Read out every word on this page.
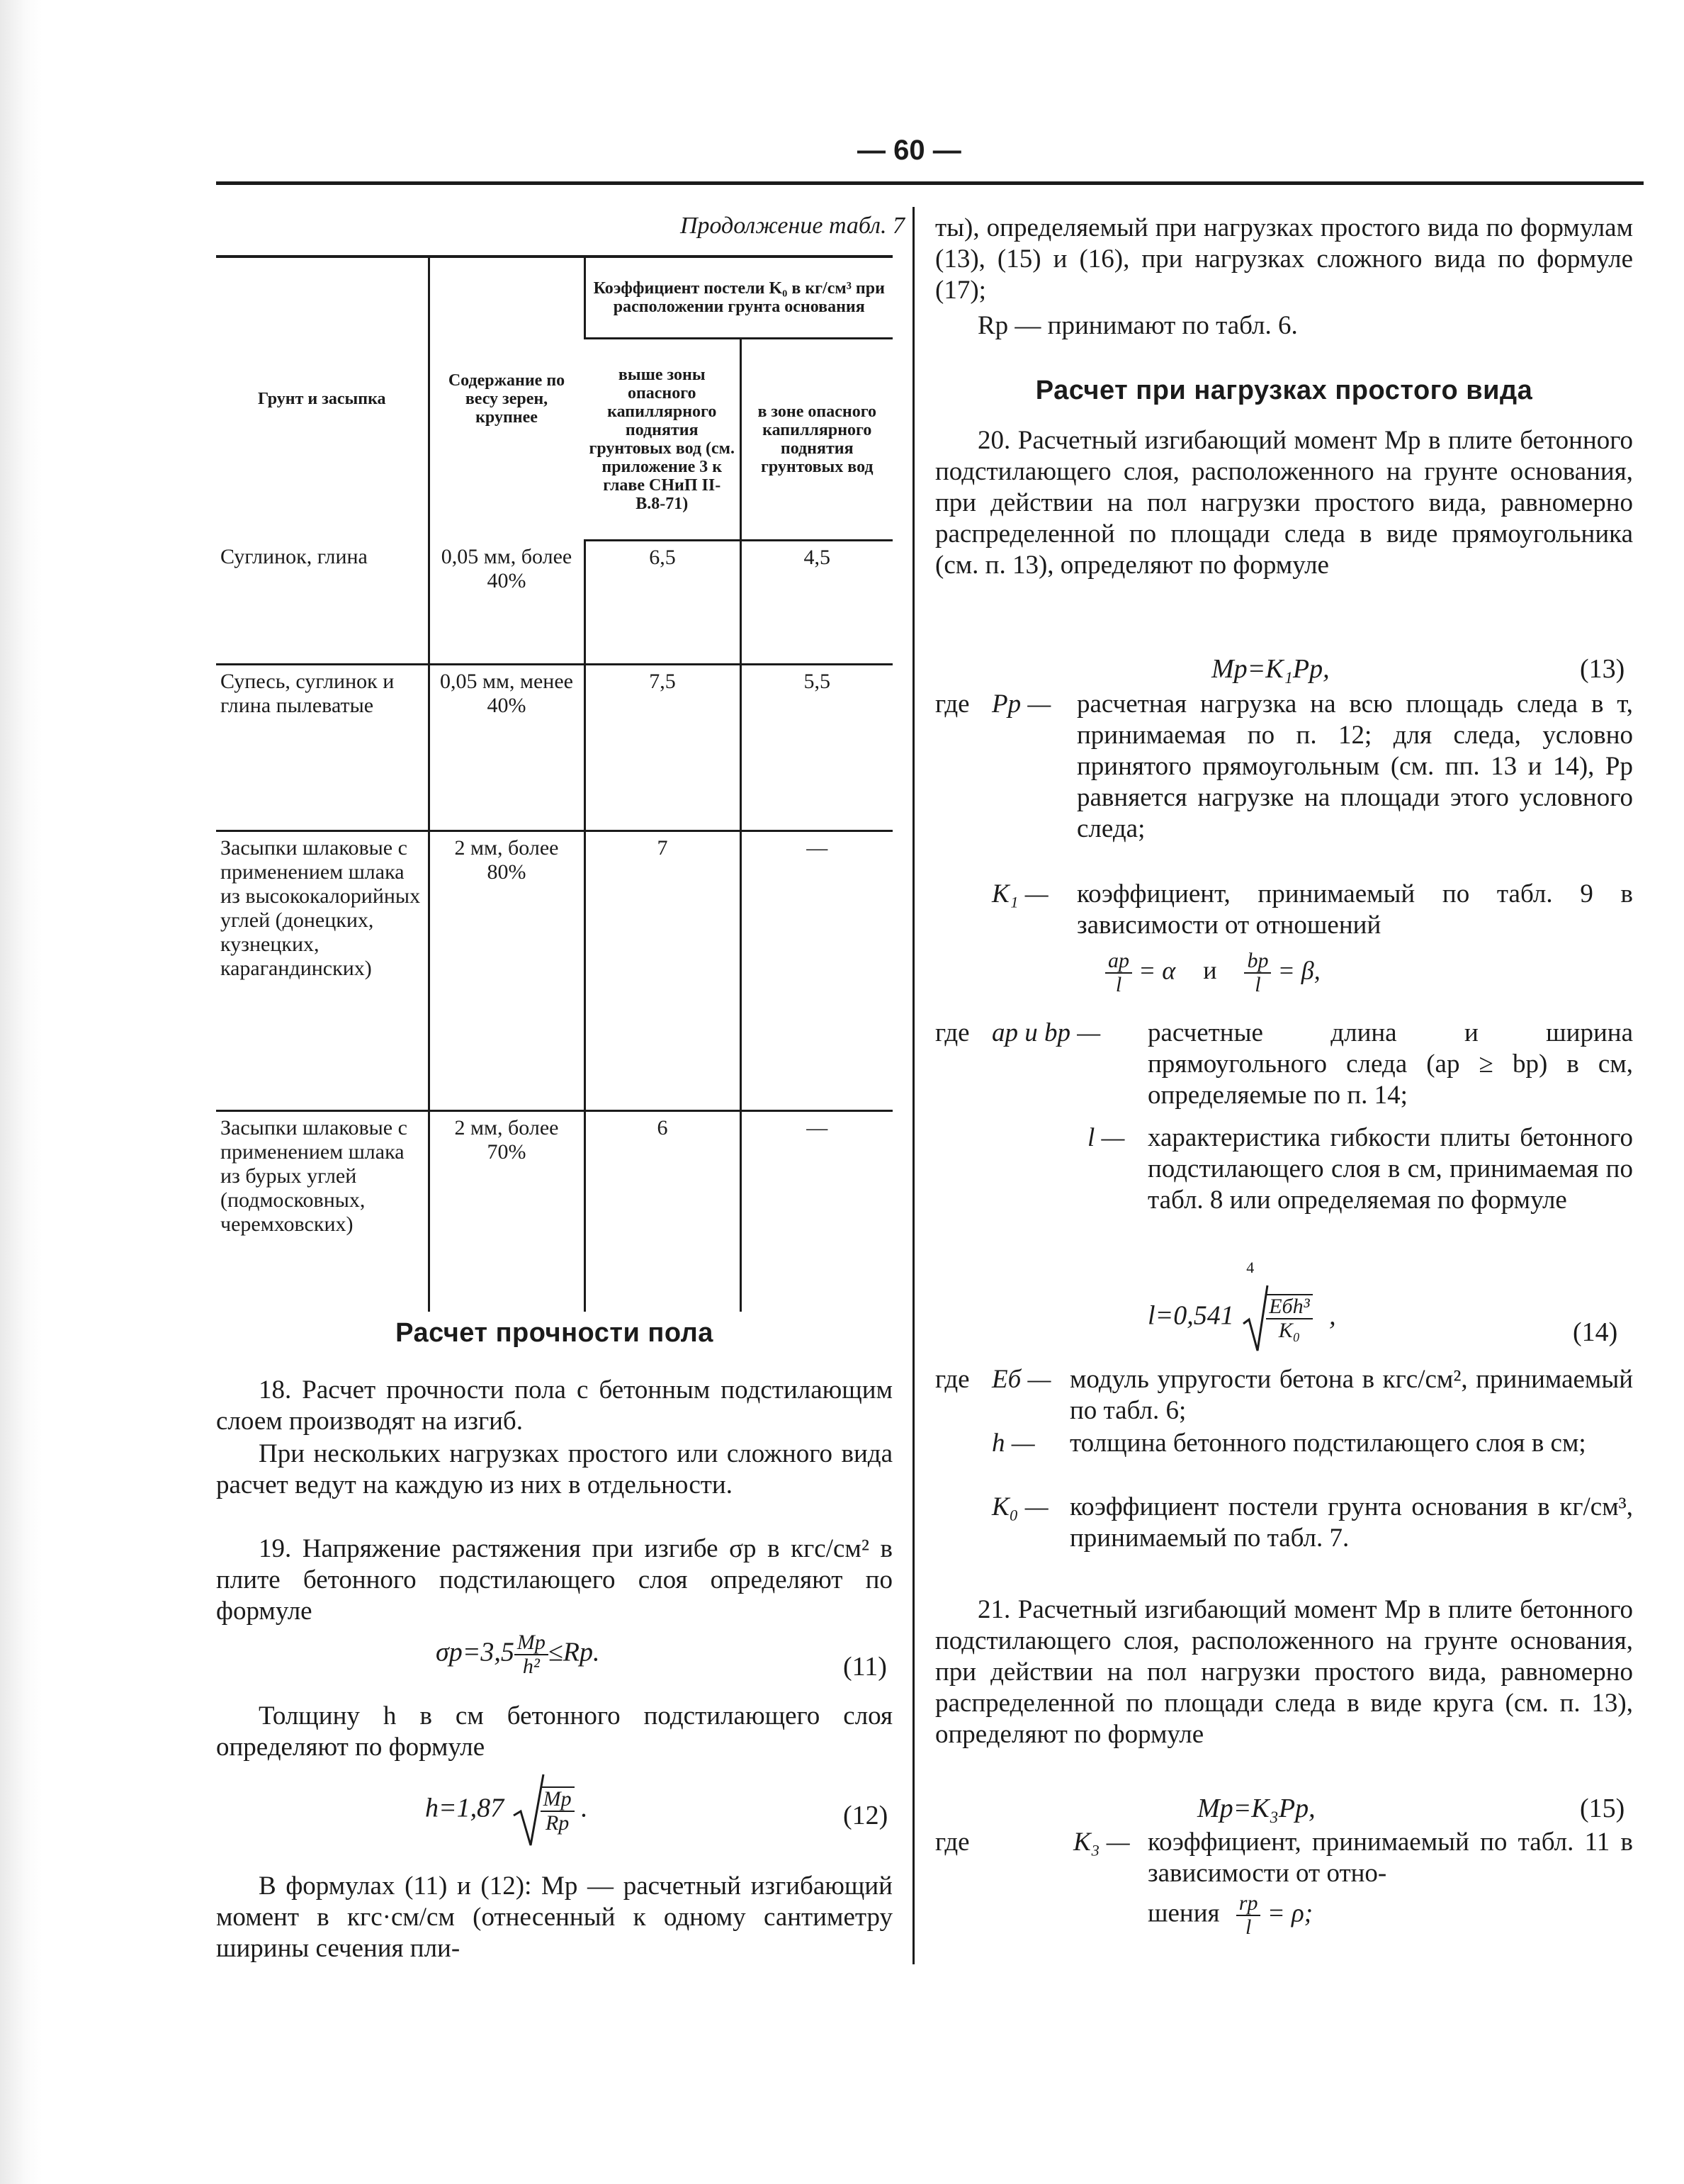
— 60 —
Продолжение табл. 7
Грунт и засыпка	Содержание по весу зерен, крупнее	Коэффициент постели K₀ в кг/см³ при расположении грунта основания	
		выше зоны опасного капиллярного поднятия грунтовых вод (см. приложение 3 к главе СНиП II-В.8-71)	в зоне опасного капиллярного поднятия грунтовых вод
Суглинок, глина	0,05 мм, более 40%	6,5	4,5
Супесь, суглинок и глина пылеватые	0,05 мм, менее 40%	7,5	5,5
Засыпки шлаковые с применением шлака из высококалорийных углей (донецких, кузнецких, карагандинских)	2 мм, более 80%	7	—
Засыпки шлаковые с применением шлака из бурых углей (подмосковных, черемховских)	2 мм, более 70%	6	—
Расчет прочности пола
18. Расчет прочности пола с бетонным подстилающим слоем производят на изгиб.
При нескольких нагрузках простого или сложного вида расчет ведут на каждую из них в отдельности.
19. Напряжение растяжения при изгибе σр в кгс/см² в плите бетонного подстилающего слоя определяют по формуле
$\sigma р=3,5 \frac{Mр}{\text{h²}} \le Rр$.	(11)
Толщину h в см бетонного подстилающего слоя определяют по формуле
$h=1,87 \frac{Mр}{Rр}$ .	(12)
В формулах (11) и (12): Mр — расчетный изгибающий момент в кгс·см/см (отнесенный к одному сантиметру ширины сечения пли-
ты), определяемый при нагрузках простого вида по формулам (13), (15) и (16), при нагрузках сложного вида по формуле (17);
Rр — принимают по табл. 6.
Расчет при нагрузках простого вида
20. Расчетный изгибающий момент Mр в плите бетонного подстилающего слоя, расположенного на грунте основания, при действии на пол нагрузки простого вида, равномерно распределенной по площади следа в виде прямоугольника (см. п. 13), определяют по формуле
Mр=K₁Pр,	(13)
где Pр — расчетная нагрузка на всю площадь следа в т, принимаемая по п. 12; для следа, условно принятого прямоугольным (см. пп. 13 и 14), Pр равняется нагрузке на площади этого условного следа;
K₁ — коэффициент, принимаемый по табл. 9 в зависимости от отношений
$\frac{aр}{l} = \alpha$ и $\frac{bр}{l} = \beta$,
где aр и bр — расчетные длина и ширина прямоугольного следа (aр ≥ bр) в см, определяемые по п. 14;
l — характеристика гибкости плиты бетонного подстилающего слоя в см, принимаемая по табл. 8 или определяемая по формуле
l=0,541
4
$\frac{\text{Eбh³}}{\text{K₀}}$ ,
(14)
где Eб — модуль упругости бетона в кгс/см², принимаемый по табл. 6;
h — толщина бетонного подстилающего слоя в см;
K₀ — коэффициент постели грунта основания в кг/см³, принимаемый по табл. 7.
21. Расчетный изгибающий момент Mр в плите бетонного подстилающего слоя, расположенного на грунте основания, при действии на пол нагрузки простого вида, равномерно распределенной по площади следа в виде круга (см. п. 13), определяют по формуле
Mр=K₃Pр,	(15)
где	K₃ — коэффициент, принимаемый по табл. 11 в зависимости от отно-
шения $\frac{rр}{l} = \rho$;
